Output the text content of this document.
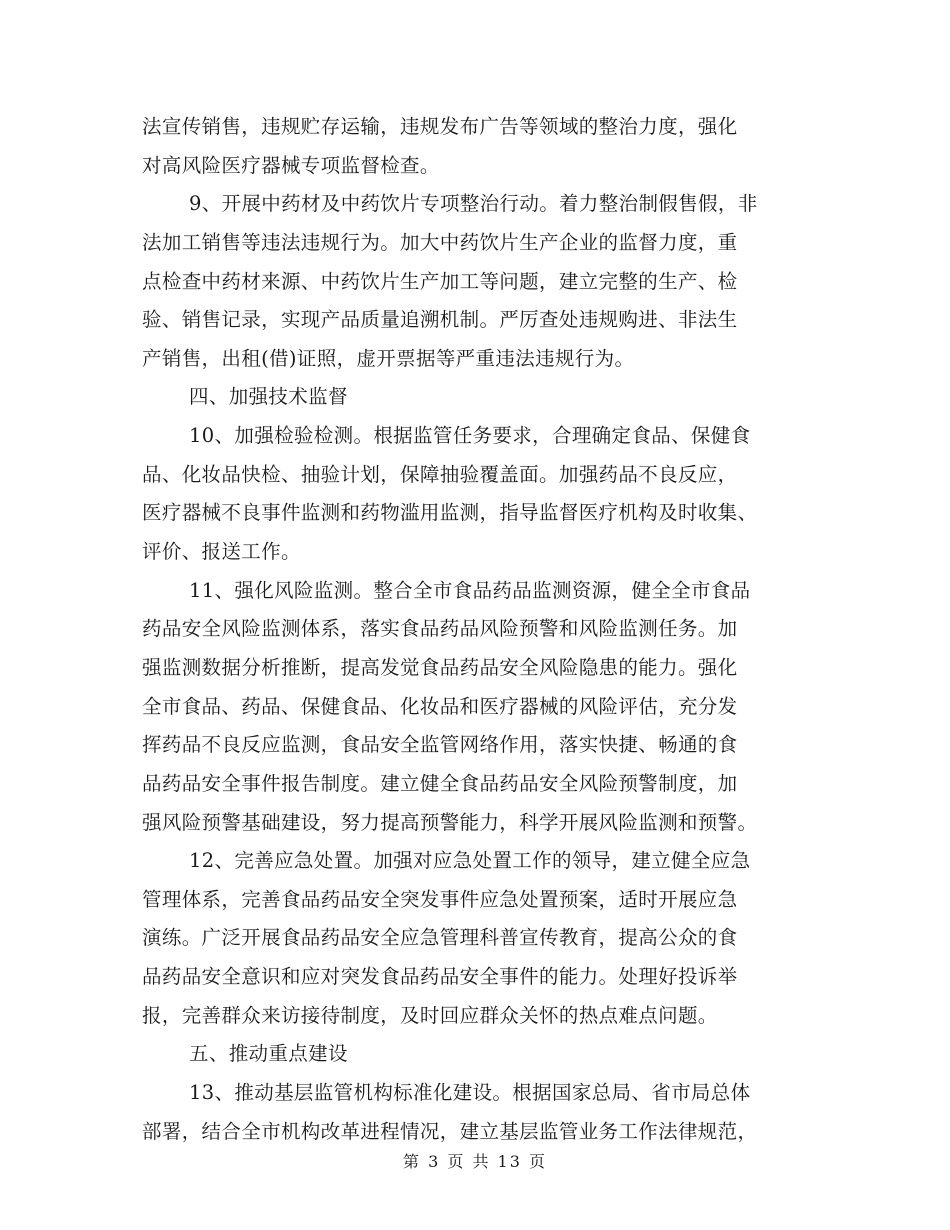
法宣传销售，违规贮存运输，违规发布广告等领域的整治力度，强化
对高风险医疗器械专项监督检查。
9、开展中药材及中药饮片专项整治行动。着力整治制假售假，非
法加工销售等违法违规行为。加大中药饮片生产企业的监督力度，重
点检查中药材来源、中药饮片生产加工等问题，建立完整的生产、检
验、销售记录，实现产品质量追溯机制。严厉查处违规购进、非法生
产销售，出租(借)证照，虚开票据等严重违法违规行为。
四、加强技术监督
10、加强检验检测。根据监管任务要求，合理确定食品、保健食
品、化妆品快检、抽验计划，保障抽验覆盖面。加强药品不良反应，
医疗器械不良事件监测和药物滥用监测，指导监督医疗机构及时收集、
评价、报送工作。
11、强化风险监测。整合全市食品药品监测资源，健全全市食品
药品安全风险监测体系，落实食品药品风险预警和风险监测任务。加
强监测数据分析推断，提高发觉食品药品安全风险隐患的能力。强化
全市食品、药品、保健食品、化妆品和医疗器械的风险评估，充分发
挥药品不良反应监测，食品安全监管网络作用，落实快捷、畅通的食
品药品安全事件报告制度。建立健全食品药品安全风险预警制度，加
强风险预警基础建设，努力提高预警能力，科学开展风险监测和预警。
12、完善应急处置。加强对应急处置工作的领导，建立健全应急
管理体系，完善食品药品安全突发事件应急处置预案，适时开展应急
演练。广泛开展食品药品安全应急管理科普宣传教育，提高公众的食
品药品安全意识和应对突发食品药品安全事件的能力。处理好投诉举
报，完善群众来访接待制度，及时回应群众关怀的热点难点问题。
五、推动重点建设
13、推动基层监管机构标准化建设。根据国家总局、省市局总体
部署，结合全市机构改革进程情况，建立基层监管业务工作法律规范，
第 3 页 共 13 页
